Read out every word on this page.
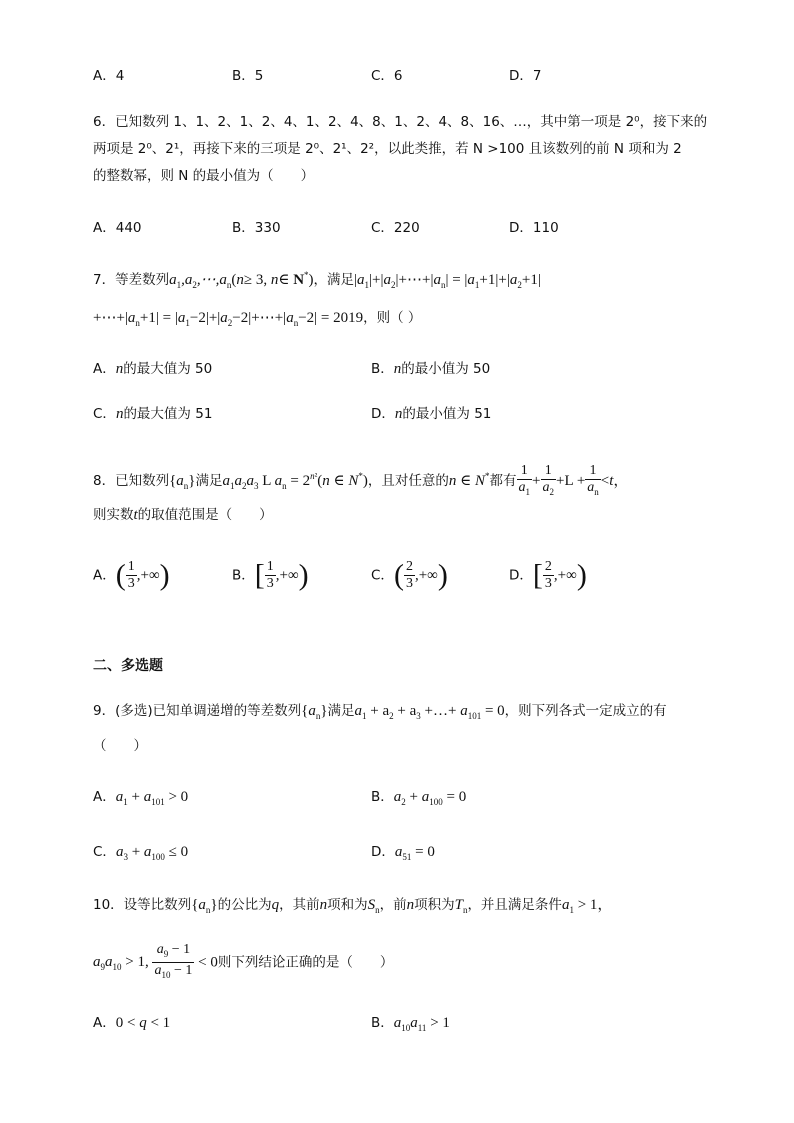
A．4	B．5	C．6	D．7
6．已知数列 1、1、2、1、2、4、1、2、4、8、1、2、4、8、16、…，其中第一项是 2⁰，接下来的
两项是 2⁰、2¹，再接下来的三项是 2⁰、2¹、2²，以此类推，若 N >100 且该数列的前 N 项和为 2
的整数幂，则 N 的最小值为（　　）
A．440	B．330	C．220	D．110
7．等差数列$a_1,a_2,\cdots,a_n(n\ge 3$, n∈ N*)，满足$|a_1|+|a_2|+\cdots+|a_n| = |a_1+1|+|a_2+1|$
$+\cdots+|a_n+1|$ = $|a_1-2|+|a_2-2|+\cdots+|a_n-2| = 2019$，则（ ）
A．n的最大值为 50	B．n的最小值为 50
C．n的最大值为 51	D．n的最小值为 51
8．已知数列$\{a_n\}$满足$a_1a_2a_3$ L $a_n = 2^{n^2}(n$ ∈ N*)，且对任意的n ∈ N*都有 $\frac{1}{a_1} + \frac{1}{a_2} +L + \frac{1}{a_n} <t$，
则实数t的取值范围是（　　）
A．( $\frac{1}{3}$ ,+∞)	B．[ $\frac{1}{3}$ ,+∞)	C．( $\frac{2}{3}$ ,+∞)	D．[ $\frac{2}{3}$ ,+∞)
二、多选题
9．(多选)已知单调递增的等差数列$\{a_n\}$满足$a_1 + a_2 + a_3$ +…+ $a_{101} = 0$，则下列各式一定成立的有
（　　）
A．$a_1 + a_{101} > 0$	B．$a_2 + a_{100} = 0$
C．$a_3 + a_{100} \le 0$	D．$a_{51} = 0$
10．设等比数列$\{a_n\}$的公比为q，其前n项和为$S_n$，前n项积为$T_n$，并且满足条件$a_1 > 1$，
$a_9a_{10} > 1$, $\frac{a_9 - 1}{a_{10} - 1} < 0$则下列结论正确的是（　　）
A．0 < q < 1	B．$a_{10}a_{11} > 1$
